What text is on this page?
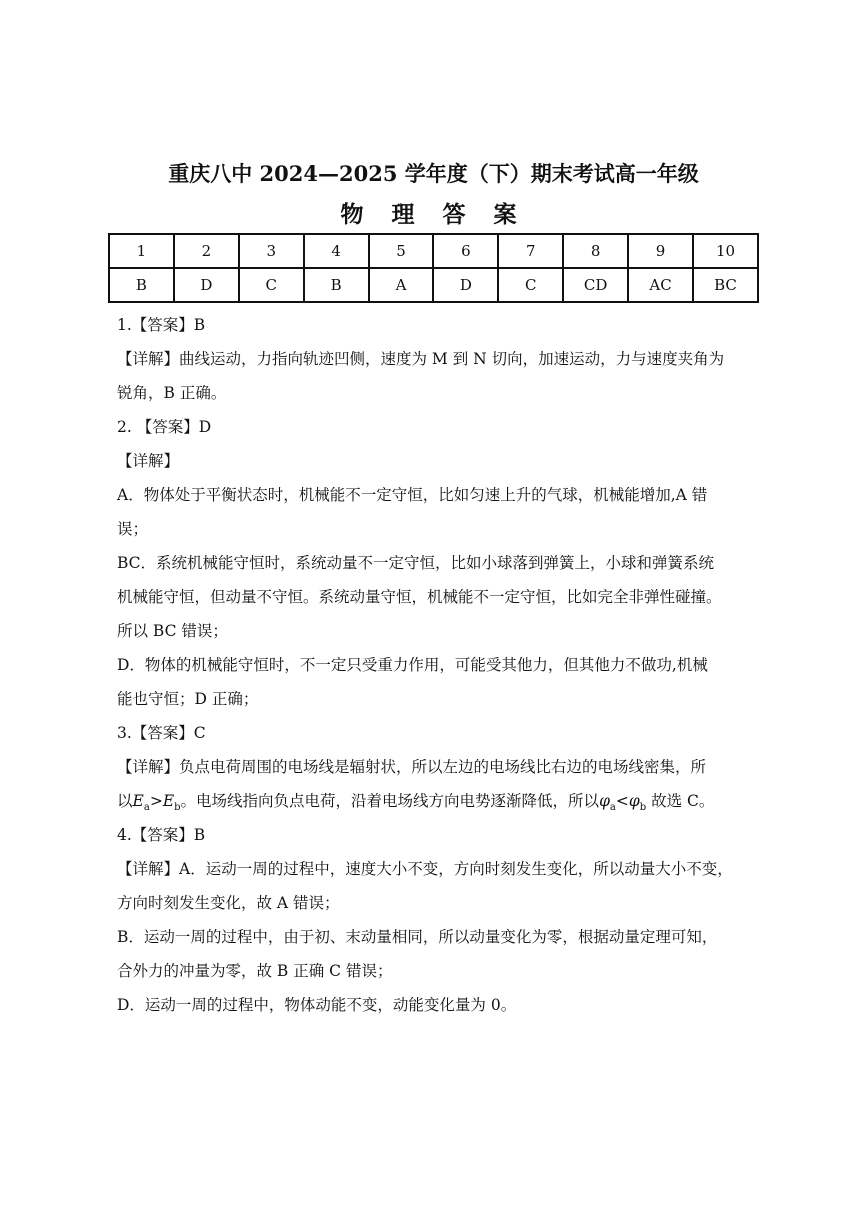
重庆八中 2024—2025 学年度（下）期末考试高一年级
物 理 答 案
1	2	3	4	5	6	7	8	9	10
B	D	C	B	A	D	C	CD	AC	BC
1.【答案】B
【详解】曲线运动，力指向轨迹凹侧，速度为 M 到 N 切向，加速运动，力与速度夹角为
锐角，B 正确。
2. 【答案】D
【详解】
A．物体处于平衡状态时，机械能不一定守恒，比如匀速上升的气球，机械能增加,A 错
误；
BC．系统机械能守恒时，系统动量不一定守恒，比如小球落到弹簧上，小球和弹簧系统
机械能守恒，但动量不守恒。系统动量守恒，机械能不一定守恒，比如完全非弹性碰撞。
所以 BC 错误；
D．物体的机械能守恒时，不一定只受重力作用，可能受其他力，但其他力不做功,机械
能也守恒；D 正确；
3.【答案】C
【详解】负点电荷周围的电场线是辐射状，所以左边的电场线比右边的电场线密集，所
以$E_a>E_b$。电场线指向负点电荷，沿着电场线方向电势逐渐降低，所以$\varphi_a<\varphi_b$ 故选 C。
4.【答案】B
【详解】A．运动一周的过程中，速度大小不变，方向时刻发生变化，所以动量大小不变，
方向时刻发生变化，故 A 错误；
B．运动一周的过程中，由于初、末动量相同，所以动量变化为零，根据动量定理可知，
合外力的冲量为零，故 B 正确 C 错误；
D．运动一周的过程中，物体动能不变，动能变化量为 0。
